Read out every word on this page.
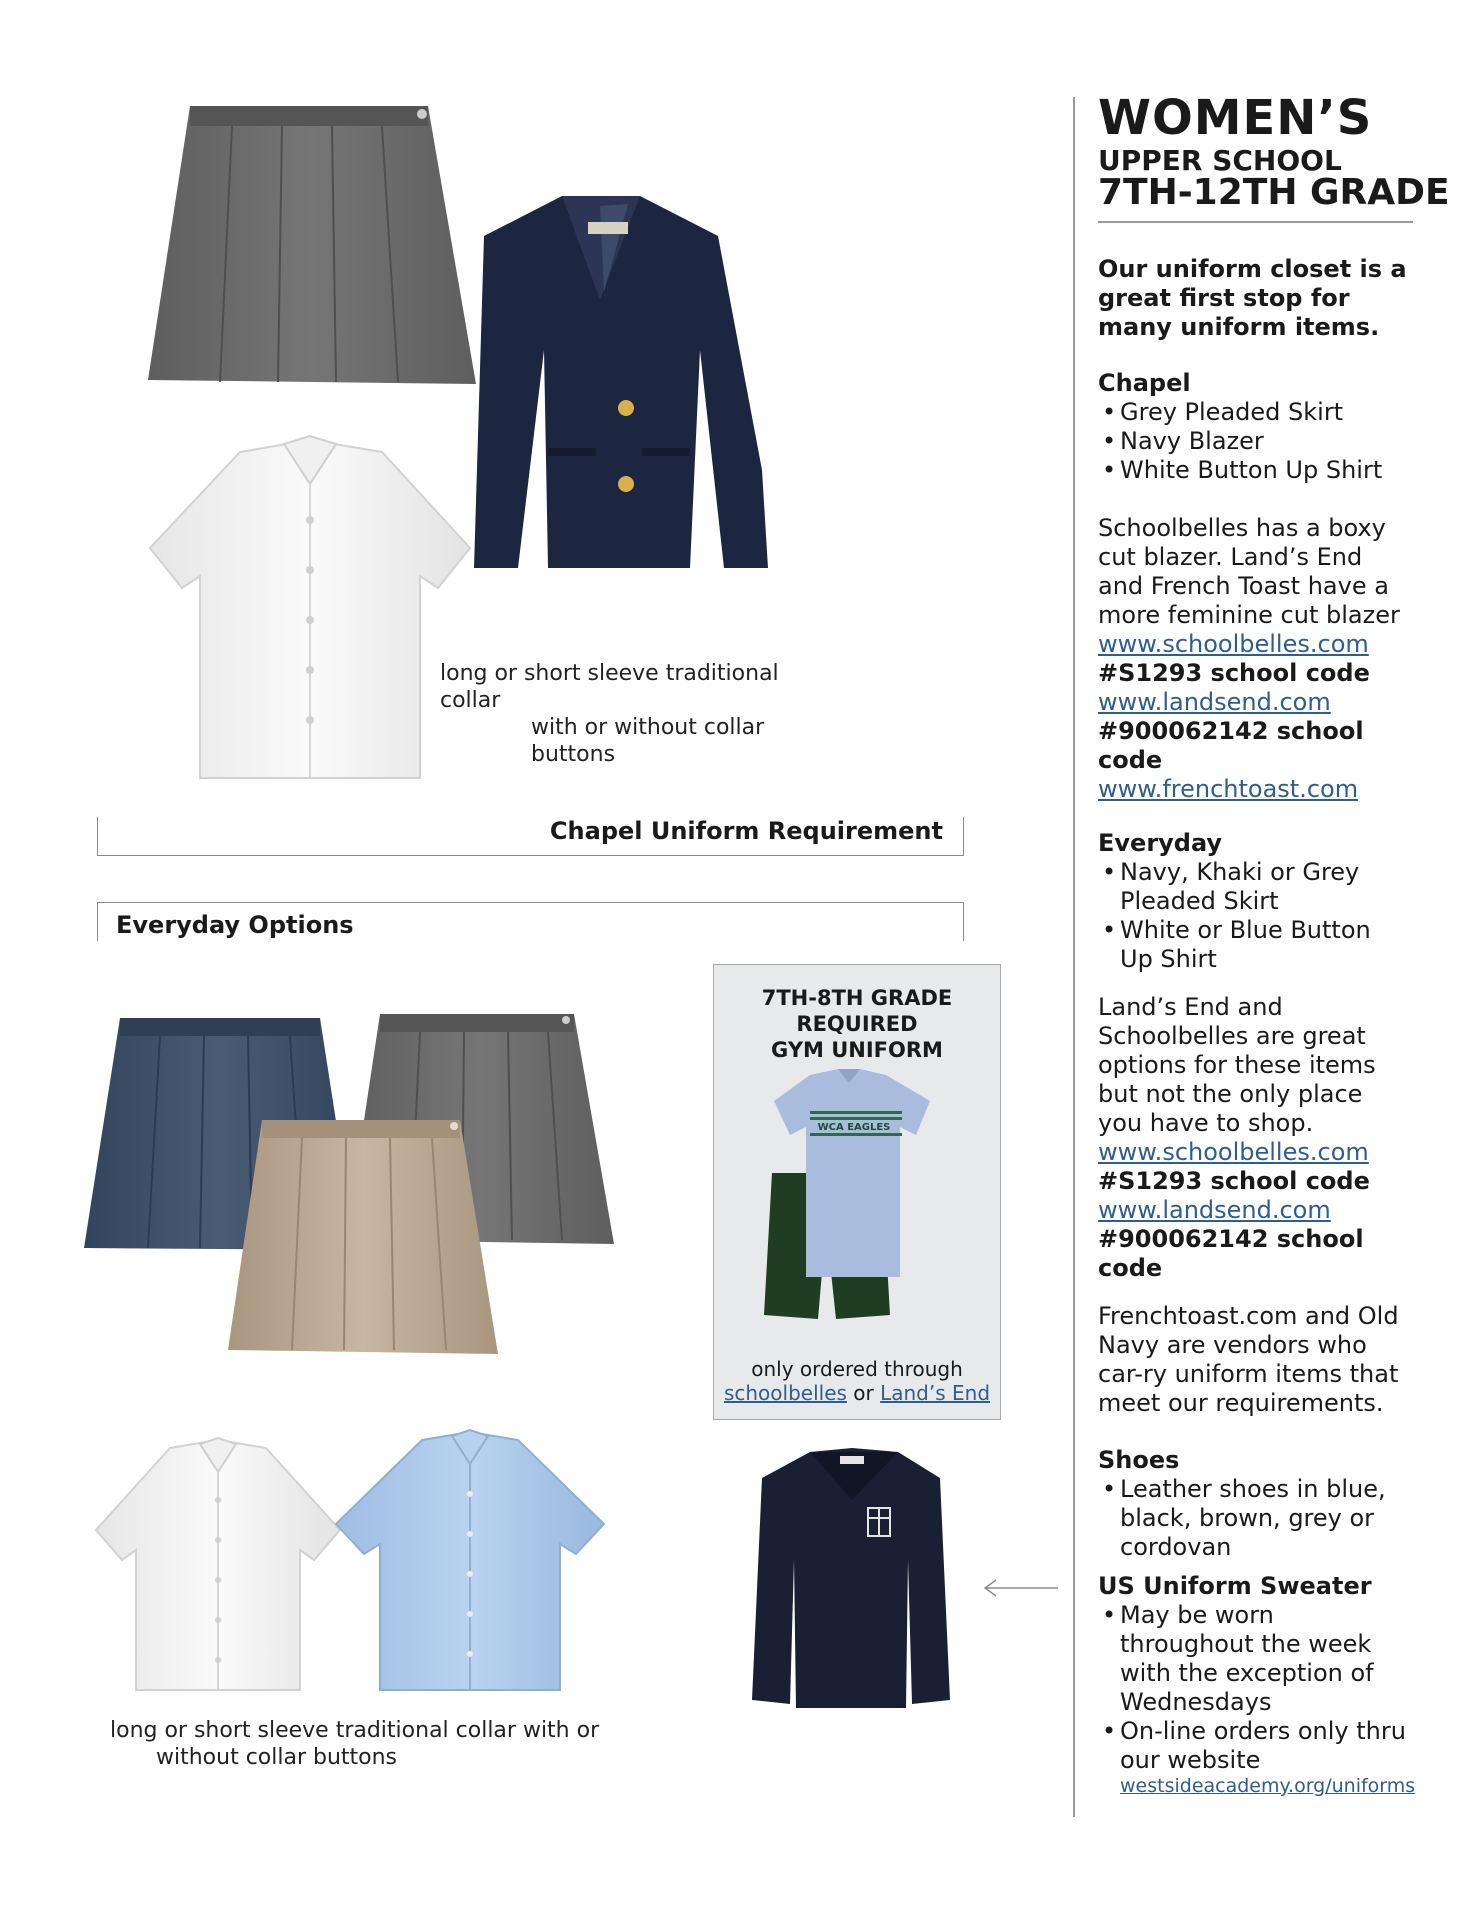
long or short sleeve traditional collar
with or without collar buttons
Chapel Uniform Requirement
Everyday Options
7TH-8TH GRADE
REQUIRED
GYM UNIFORM
WCA EAGLES
only ordered through
schoolbelles or Land’s End
long or short sleeve traditional collar with or
without collar buttons
WOMEN’S
UPPER SCHOOL
7TH-12TH GRADE
Our uniform closet is a great first stop for many uniform items.
Chapel
• Grey Pleaded Skirt
• Navy Blazer
• White Button Up Shirt
Schoolbelles has a boxy cut blazer. Land’s End and French Toast have a more feminine cut blazer
www.schoolbelles.com
#S1293 school code
www.landsend.com
#900062142 school code
www.frenchtoast.com
Everyday
• Navy, Khaki or Grey Pleaded Skirt
• White or Blue Button Up Shirt
Land’s End and Schoolbelles are great options for these items but not the only place you have to shop.
www.schoolbelles.com
#S1293 school code
www.landsend.com
#900062142 school code
Frenchtoast.com and Old Navy are vendors who car-ry uniform items that meet our requirements.
Shoes
• Leather shoes in blue, black, brown, grey or cordovan
US Uniform Sweater
• May be worn throughout the week with the exception of Wednesdays
• On-line orders only thru our website
westsideacademy.org/uniforms
